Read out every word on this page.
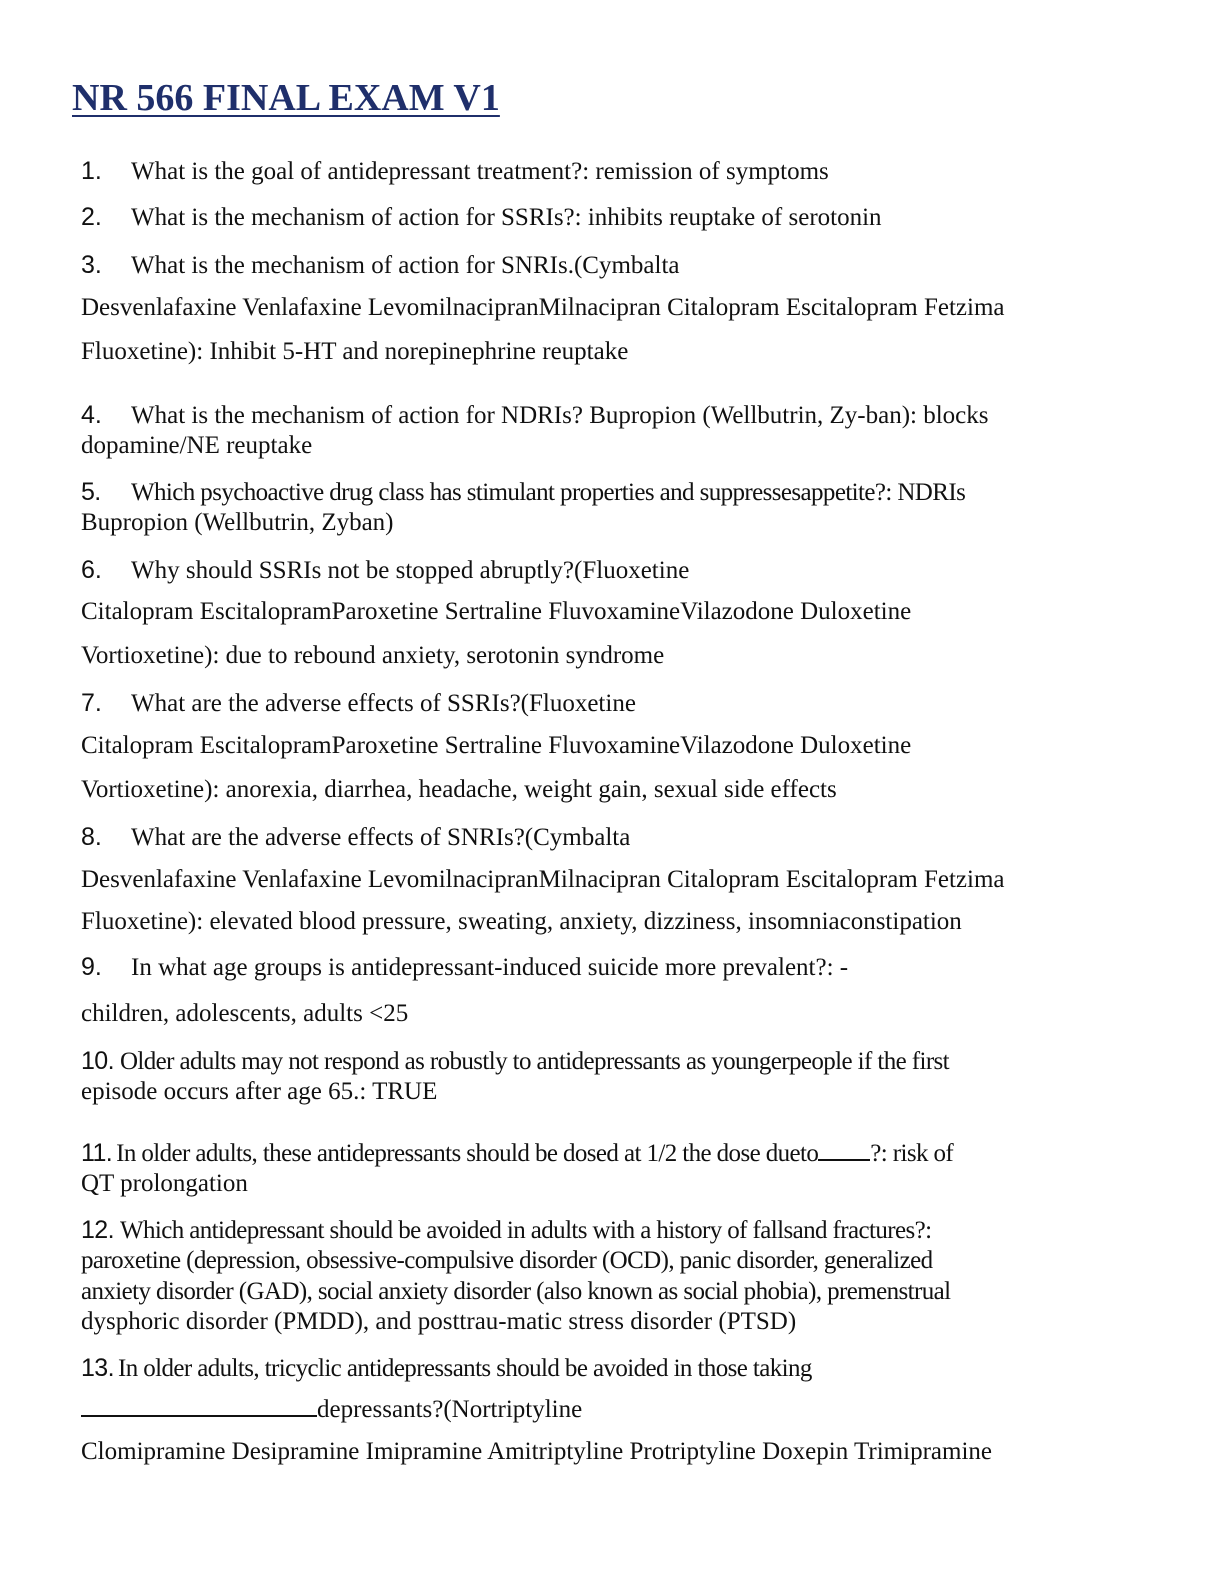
NR 566 FINAL EXAM V1
1. What is the goal of antidepressant treatment?: remission of symptoms
2. What is the mechanism of action for SSRIs?: inhibits reuptake of serotonin
3. What is the mechanism of action for SNRIs.(Cymbalta
Desvenlafaxine Venlafaxine LevomilnacipranMilnacipran Citalopram Escitalopram Fetzima
Fluoxetine): Inhibit 5-HT and norepinephrine reuptake
4. What is the mechanism of action for NDRIs? Bupropion (Wellbutrin, Zy-ban): blocks
dopamine/NE reuptake
5. Which psychoactive drug class has stimulant properties and suppressesappetite?: NDRIs
Bupropion (Wellbutrin, Zyban)
6. Why should SSRIs not be stopped abruptly?(Fluoxetine
Citalopram EscitalopramParoxetine Sertraline FluvoxamineVilazodone Duloxetine
Vortioxetine): due to rebound anxiety, serotonin syndrome
7. What are the adverse effects of SSRIs?(Fluoxetine
Citalopram EscitalopramParoxetine Sertraline FluvoxamineVilazodone Duloxetine
Vortioxetine): anorexia, diarrhea, headache, weight gain, sexual side effects
8. What are the adverse effects of SNRIs?(Cymbalta
Desvenlafaxine Venlafaxine LevomilnacipranMilnacipran Citalopram Escitalopram Fetzima
Fluoxetine): elevated blood pressure, sweating, anxiety, dizziness, insomniaconstipation
9. In what age groups is antidepressant-induced suicide more prevalent?: -
children, adolescents, adults <25
10. Older adults may not respond as robustly to antidepressants as youngerpeople if the first
episode occurs after age 65.: TRUE
11. In older adults, these antidepressants should be dosed at 1/2 the dose dueto ?: risk of
QT prolongation
12. Which antidepressant should be avoided in adults with a history of fallsand fractures?:
paroxetine (depression, obsessive-compulsive disorder (OCD), panic disorder, generalized
anxiety disorder (GAD), social anxiety disorder (also known as social phobia), premenstrual
dysphoric disorder (PMDD), and posttrau-matic stress disorder (PTSD)
13. In older adults, tricyclic antidepressants should be avoided in those taking
depressants?(Nortriptyline
Clomipramine Desipramine Imipramine Amitriptyline Protriptyline Doxepin Trimipramine
